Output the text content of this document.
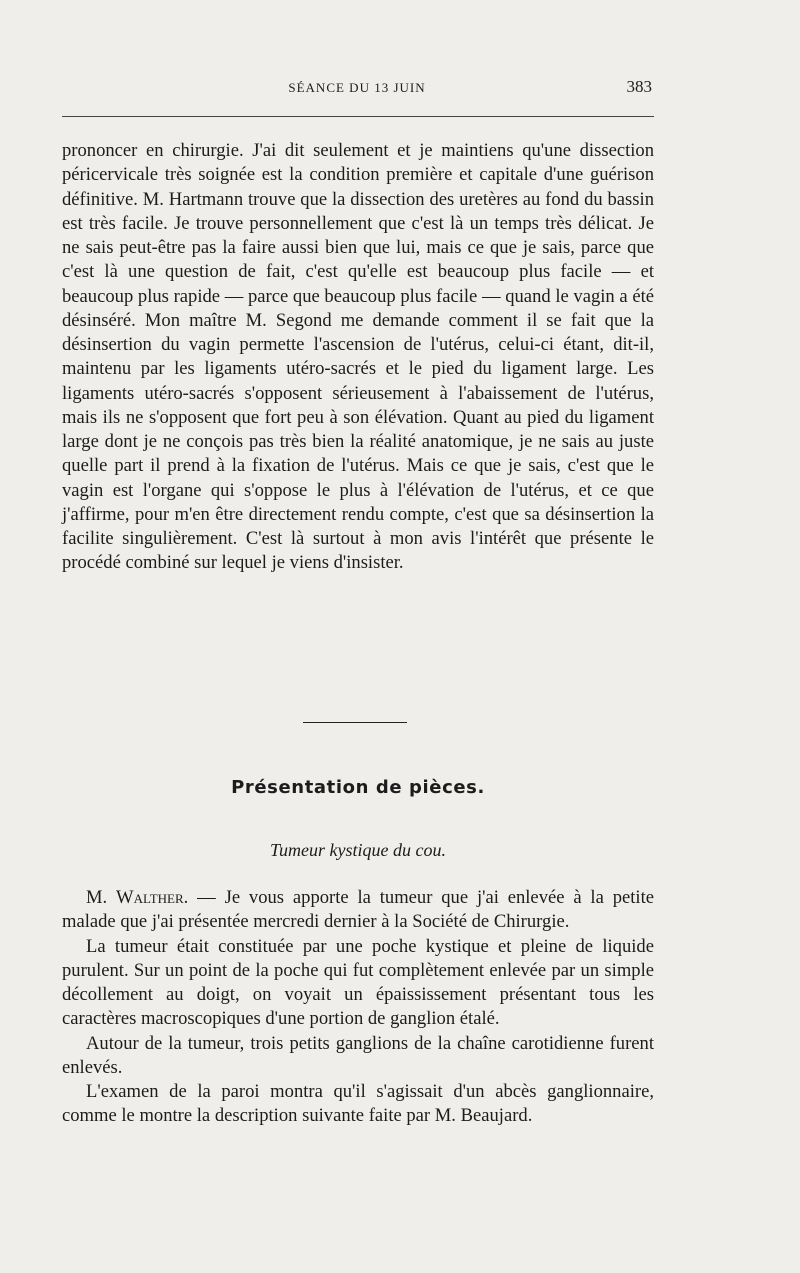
SÉANCE DU 13 JUIN	383

prononcer en chirurgie. J'ai dit seulement et je maintiens qu'une dissection péricervicale très soignée est la condition première et capitale d'une guérison définitive. M. Hartmann trouve que la dissection des uretères au fond du bassin est très facile. Je trouve personnellement que c'est là un temps très délicat. Je ne sais peut-être pas la faire aussi bien que lui, mais ce que je sais, parce que c'est là une question de fait, c'est qu'elle est beaucoup plus facile — et beaucoup plus rapide — parce que beaucoup plus facile — quand le vagin a été désinséré. Mon maître M. Segond me demande comment il se fait que la désinsertion du vagin permette l'ascension de l'utérus, celui-ci étant, dit-il, maintenu par les ligaments utéro-sacrés et le pied du ligament large. Les ligaments utéro-sacrés s'opposent sérieusement à l'abaissement de l'utérus, mais ils ne s'opposent que fort peu à son élévation. Quant au pied du ligament large dont je ne conçois pas très bien la réalité anatomique, je ne sais au juste quelle part il prend à la fixation de l'utérus. Mais ce que je sais, c'est que le vagin est l'organe qui s'oppose le plus à l'élévation de l'utérus, et ce que j'affirme, pour m'en être directement rendu compte, c'est que sa désinsertion la facilite singulièrement. C'est là surtout à mon avis l'intérêt que présente le procédé combiné sur lequel je viens d'insister.

Présentation de pièces.
Tumeur kystique du cou.

M. Walther. — Je vous apporte la tumeur que j'ai enlevée à la petite malade que j'ai présentée mercredi dernier à la Société de Chirurgie.

La tumeur était constituée par une poche kystique et pleine de liquide purulent. Sur un point de la poche qui fut complètement enlevée par un simple décollement au doigt, on voyait un épaississement présentant tous les caractères macroscopiques d'une portion de ganglion étalé.

Autour de la tumeur, trois petits ganglions de la chaîne carotidienne furent enlevés.

L'examen de la paroi montra qu'il s'agissait d'un abcès ganglionnaire, comme le montre la description suivante faite par M. Beaujard.
